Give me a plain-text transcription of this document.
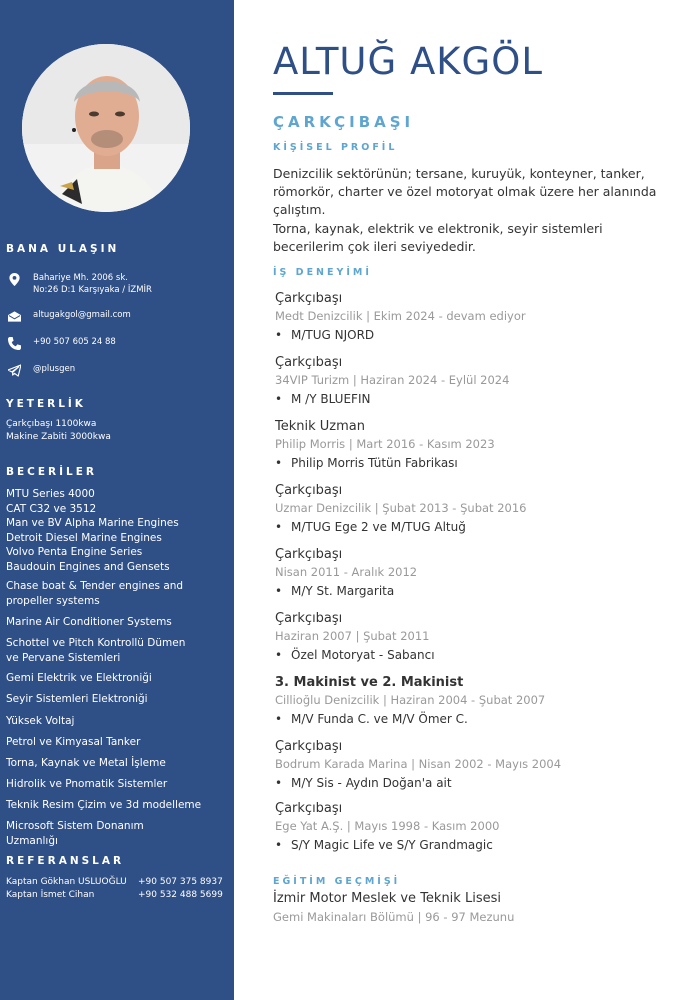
BANA ULAŞIN
Bahariye Mh. 2006 sk.
No:26 D:1 Karşıyaka / İZMİR
altugakgol@gmail.com
+90 507 605 24 88
@plusgen
YETERLİK
Çarkçıbaşı 1100kwa
Makine Zabiti 3000kwa
BECERİLER
MTU Series 4000
CAT C32 ve 3512
Man ve BV Alpha Marine Engines
Detroit Diesel Marine Engines
Volvo Penta Engine Series
Baudouin Engines and Gensets
Chase boat & Tender engines and propeller systems
Marine Air Conditioner Systems
Schottel ve Pitch Kontrollü Dümen ve Pervane Sistemleri
Gemi Elektrik ve Elektroniği
Seyir Sistemleri Elektroniği
Yüksek Voltaj
Petrol ve Kimyasal Tanker
Torna, Kaynak ve Metal İşleme
Hidrolik ve Pnomatik Sistemler
Teknik Resim Çizim ve 3d modelleme
Microsoft Sistem Donanım Uzmanlığı
REFERANSLAR
Kaptan Gökhan USLUOĞLU	+90 507 375 8937
Kaptan İsmet Cihan	+90 532 488 5699
ALTUĞ AKGÖL
ÇARKÇIBAŞI
KİŞİSEL PROFİL
Denizcilik sektörünün; tersane, kuruyük, konteyner, tanker, römorkör, charter ve özel motoryat olmak üzere her alanında çalıştım.
Torna, kaynak, elektrik ve elektronik, seyir sistemleri becerilerim çok ileri seviyededir.
İŞ DENEYİMİ
Çarkçıbaşı
Medt Denizcilik | Ekim 2024 - devam ediyor
• M/TUG NJORD
Çarkçıbaşı
34VIP Turizm | Haziran 2024 - Eylül 2024
• M /Y BLUEFIN
Teknik Uzman
Philip Morris | Mart 2016 - Kasım 2023
• Philip Morris Tütün Fabrikası
Çarkçıbaşı
Uzmar Denizcilik | Şubat 2013 - Şubat 2016
• M/TUG Ege 2 ve M/TUG Altuğ
Çarkçıbaşı
Nisan 2011 - Aralık 2012
• M/Y St. Margarita
Çarkçıbaşı
Haziran 2007 | Şubat 2011
• Özel Motoryat - Sabancı
3. Makinist ve 2. Makinist
Cillioğlu Denizcilik | Haziran 2004 - Şubat 2007
• M/V Funda C. ve M/V Ömer C.
Çarkçıbaşı
Bodrum Karada Marina | Nisan 2002 - Mayıs 2004
• M/Y Sis - Aydın Doğan'a ait
Çarkçıbaşı
Ege Yat A.Ş. | Mayıs 1998 - Kasım 2000
• S/Y Magic Life ve S/Y Grandmagic
EĞİTİM GEÇMİŞİ
İzmir Motor Meslek ve Teknik Lisesi
Gemi Makinaları Bölümü | 96 - 97 Mezunu
